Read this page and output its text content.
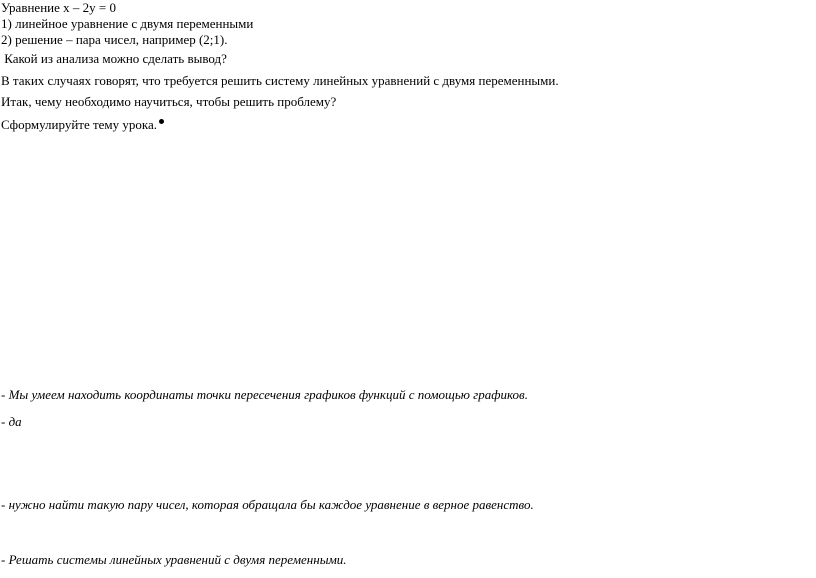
Уравнение x – 2y = 0
1) линейное уравнение с двумя переменными
2) решение – пара чисел, например (2;1).
Какой из анализа можно сделать вывод?
В таких случаях говорят, что требуется решить систему линейных уравнений с двумя переменными.
Итак, чему необходимо научиться, чтобы решить проблему?
Сформулируйте тему урока.
- Мы умеем находить координаты точки пересечения графиков функций с помощью графиков.
- да
- нужно найти такую пару чисел, которая обращала бы каждое уравнение в верное равенство.
- Решать системы линейных уравнений с двумя переменными.
